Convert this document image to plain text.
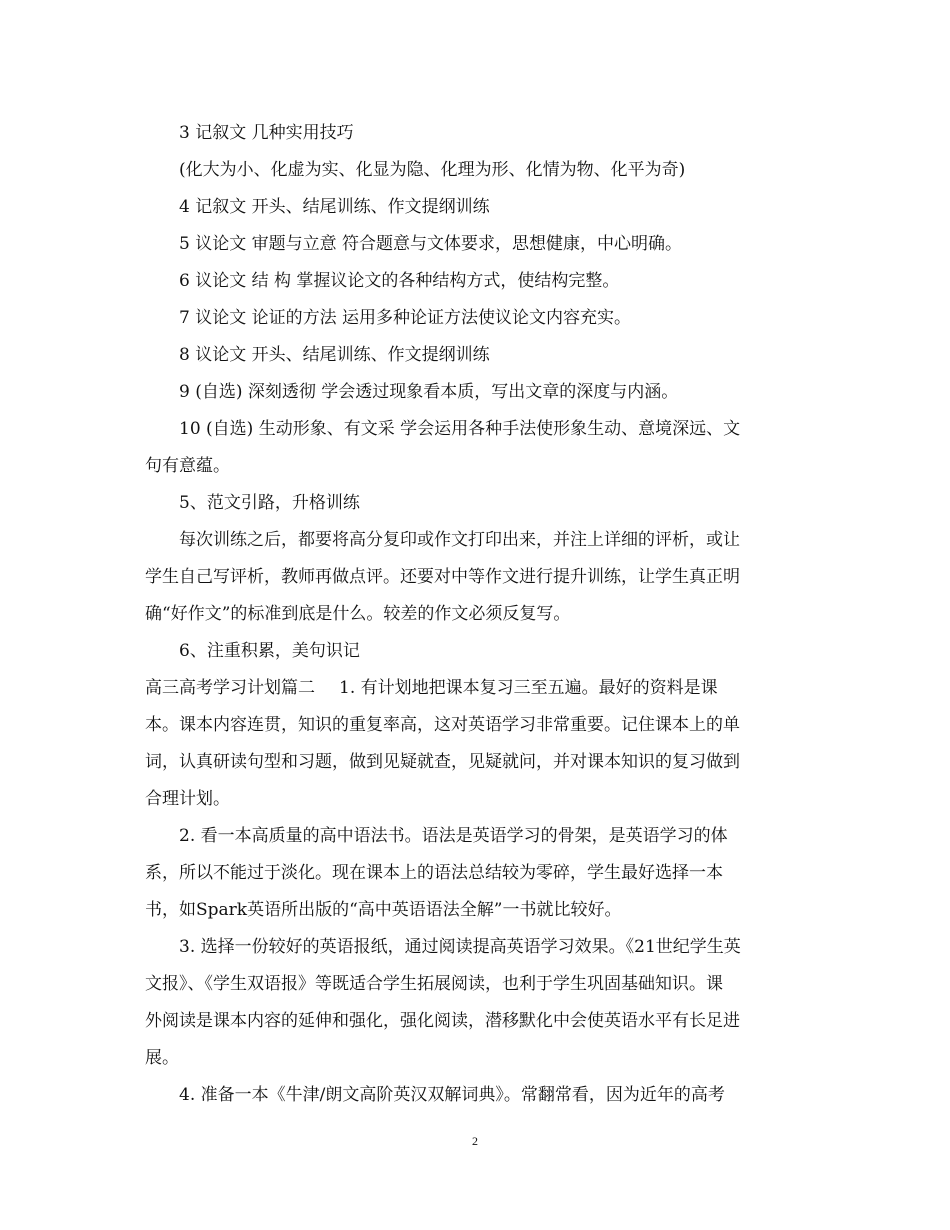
3 记叙文 几种实用技巧
(化大为小、化虚为实、化显为隐、化理为形、化情为物、化平为奇)
4 记叙文 开头、结尾训练、作文提纲训练
5 议论文 审题与立意 符合题意与文体要求，思想健康，中心明确。
6 议论文 结 构 掌握议论文的各种结构方式，使结构完整。
7 议论文 论证的方法 运用多种论证方法使议论文内容充实。
8 议论文 开头、结尾训练、作文提纲训练
9 (自选) 深刻透彻 学会透过现象看本质，写出文章的深度与内涵。
10 (自选) 生动形象、有文采 学会运用各种手法使形象生动、意境深远、文
句有意蕴。
5、范文引路，升格训练
每次训练之后，都要将高分复印或作文打印出来，并注上详细的评析，或让
学生自己写评析，教师再做点评。还要对中等作文进行提升训练，让学生真正明
确“好作文”的标准到底是什么。较差的作文必须反复写。
6、注重积累，美句识记
高三高考学习计划篇二 1. 有计划地把课本复习三至五遍。最好的资料是课
本。课本内容连贯，知识的重复率高，这对英语学习非常重要。记住课本上的单
词，认真研读句型和习题，做到见疑就查，见疑就问，并对课本知识的复习做到
合理计划。
2. 看一本高质量的高中语法书。语法是英语学习的骨架，是英语学习的体
系，所以不能过于淡化。现在课本上的语法总结较为零碎，学生最好选择一本
书，如Spark英语所出版的“高中英语语法全解”一书就比较好。
3. 选择一份较好的英语报纸，通过阅读提高英语学习效果。《21世纪学生英
文报》、《学生双语报》等既适合学生拓展阅读，也利于学生巩固基础知识。课
外阅读是课本内容的延伸和强化，强化阅读，潜移默化中会使英语水平有长足进
展。
4. 准备一本《牛津/朗文高阶英汉双解词典》。常翻常看，因为近年的高考
2
